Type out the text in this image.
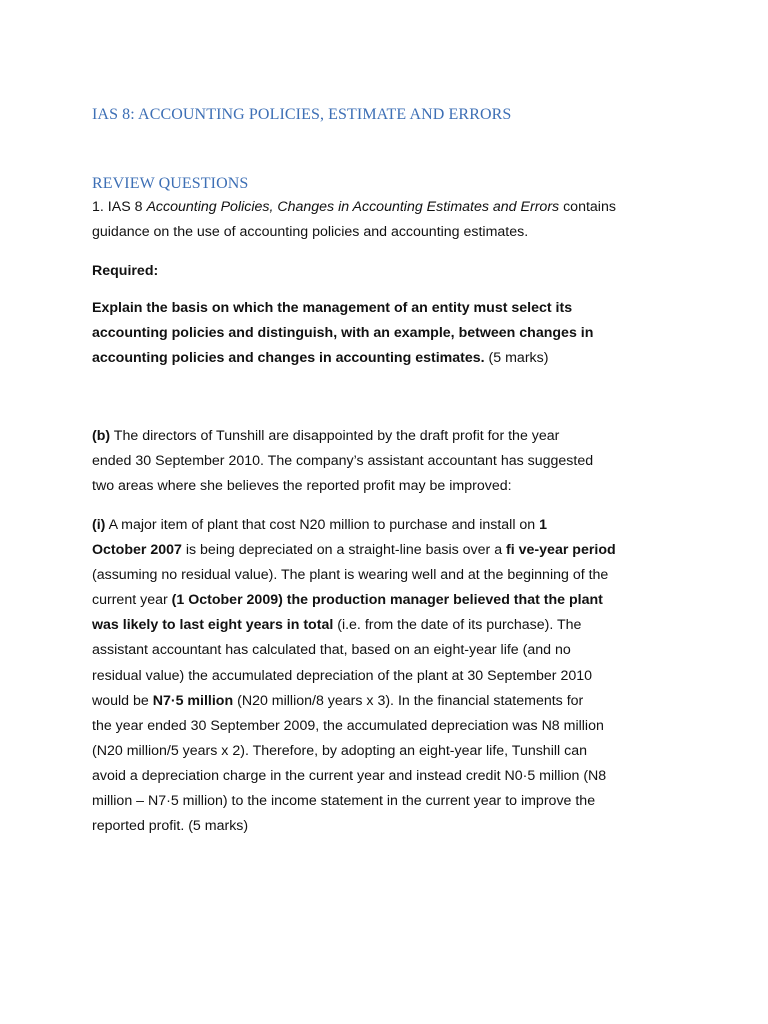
IAS 8: ACCOUNTING POLICIES, ESTIMATE AND ERRORS
REVIEW QUESTIONS
1. IAS 8 Accounting Policies, Changes in Accounting Estimates and Errors contains
guidance on the use of accounting policies and accounting estimates.
Required:
Explain the basis on which the management of an entity must select its
accounting policies and distinguish, with an example, between changes in
accounting policies and changes in accounting estimates. (5 marks)
(b) The directors of Tunshill are disappointed by the draft profit for the year
ended 30 September 2010. The company’s assistant accountant has suggested
two areas where she believes the reported profit may be improved:
(i) A major item of plant that cost N20 million to purchase and install on 1
October 2007 is being depreciated on a straight-line basis over a fi ve-year period
(assuming no residual value). The plant is wearing well and at the beginning of the
current year (1 October 2009) the production manager believed that the plant
was likely to last eight years in total (i.e. from the date of its purchase). The
assistant accountant has calculated that, based on an eight-year life (and no
residual value) the accumulated depreciation of the plant at 30 September 2010
would be N7·5 million (N20 million/8 years x 3). In the financial statements for
the year ended 30 September 2009, the accumulated depreciation was N8 million
(N20 million/5 years x 2). Therefore, by adopting an eight-year life, Tunshill can
avoid a depreciation charge in the current year and instead credit N0·5 million (N8
million – N7·5 million) to the income statement in the current year to improve the
reported profit. (5 marks)
